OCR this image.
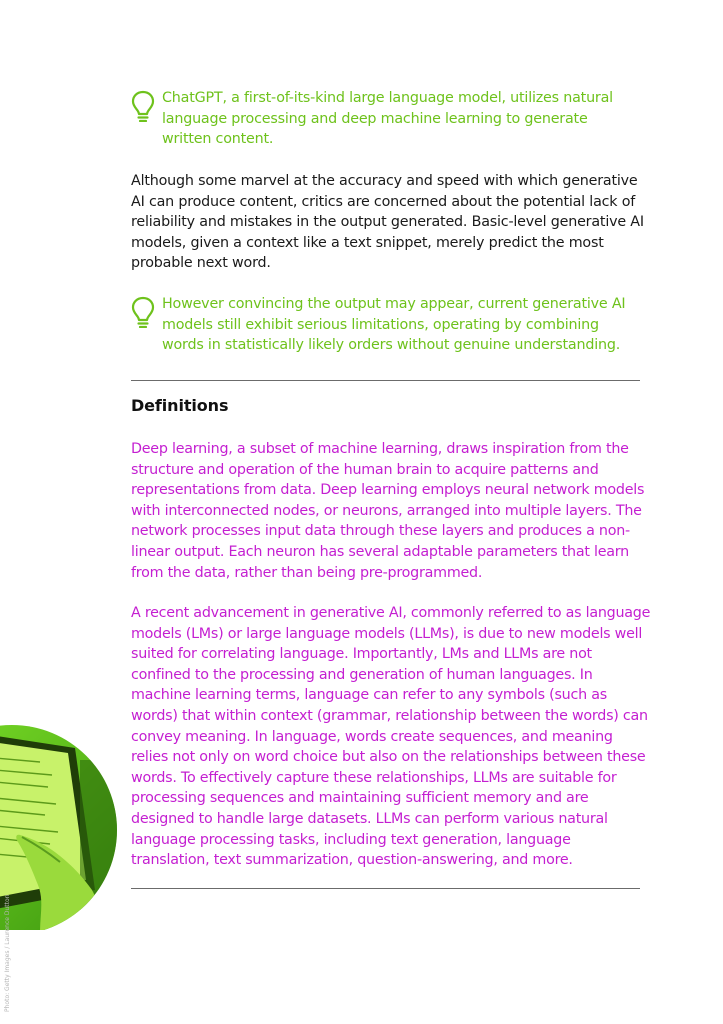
ChatGPT, a first-of-its-kind large language model, utilizes natural language processing and deep machine learning to generate written content.

Although some marvel at the accuracy and speed with which generative AI can produce content, critics are concerned about the potential lack of reliability and mistakes in the output generated. Basic-level generative AI models, given a context like a text snippet, merely predict the most probable next word.

However convincing the output may appear, current generative AI models still exhibit serious limitations, operating by combining words in statistically likely orders without genuine understanding.

Definitions

Deep learning, a subset of machine learning, draws inspiration from the structure and operation of the human brain to acquire patterns and representations from data. Deep learning employs neural network models with interconnected nodes, or neurons, arranged into multiple layers. The network processes input data through these layers and produces a non-linear output. Each neuron has several adaptable parameters that learn from the data, rather than being pre-programmed.

A recent advancement in generative AI, commonly referred to as language models (LMs) or large language models (LLMs), is due to new models well suited for correlating language. Importantly, LMs and LLMs are not confined to the processing and generation of human languages. In machine learning terms, language can refer to any symbols (such as words) that within context (grammar, relationship between the words) can convey meaning. In language, words create sequences, and meaning relies not only on word choice but also on the relationships between these words. To effectively capture these relationships, LLMs are suitable for processing sequences and maintaining sufficient memory and are designed to handle large datasets. LLMs can perform various natural language processing tasks, including text generation, language translation, text summarization, question-answering, and more.

Photo: Getty Images / Laurence Dutton
